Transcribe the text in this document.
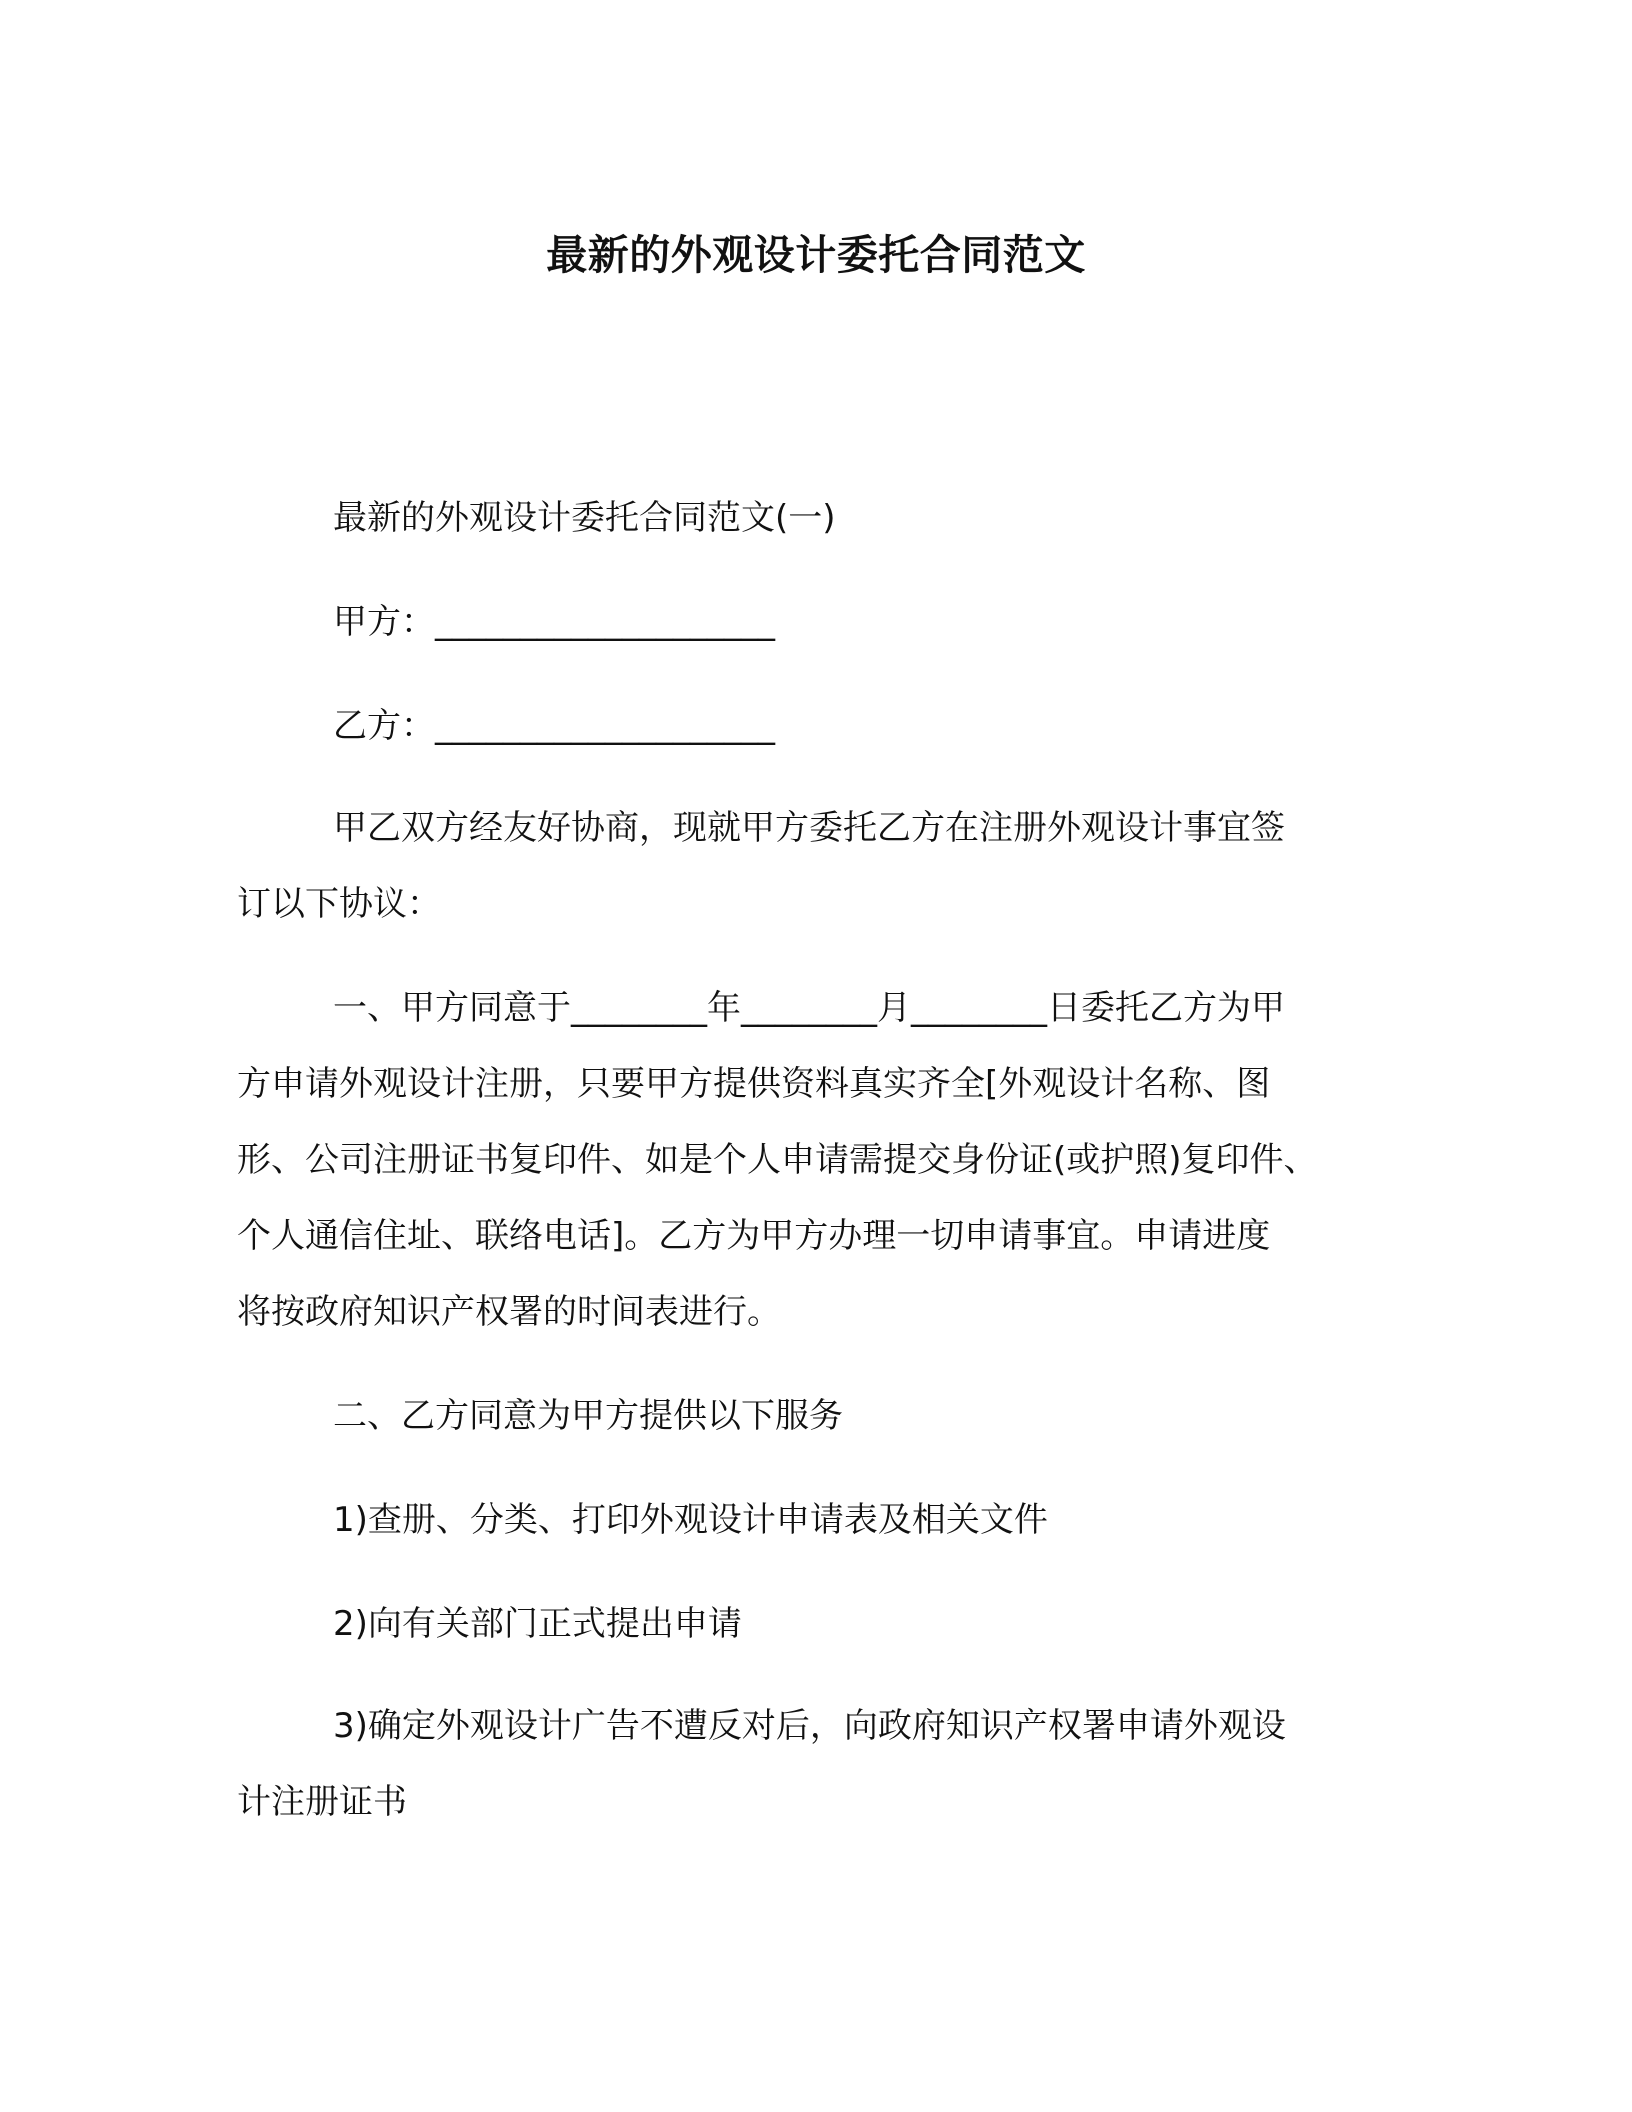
最新的外观设计委托合同范文
最新的外观设计委托合同范文(一)
甲方：____________________
乙方：____________________
甲乙双方经友好协商，现就甲方委托乙方在注册外观设计事宜签
订以下协议：
一、甲方同意于________年________月________日委托乙方为甲
方申请外观设计注册，只要甲方提供资料真实齐全[外观设计名称、图
形、公司注册证书复印件、如是个人申请需提交身份证(或护照)复印件、
个人通信住址、联络电话]。乙方为甲方办理一切申请事宜。申请进度
将按政府知识产权署的时间表进行。
二、乙方同意为甲方提供以下服务
1)查册、分类、打印外观设计申请表及相关文件
2)向有关部门正式提出申请
3)确定外观设计广告不遭反对后，向政府知识产权署申请外观设
计注册证书
